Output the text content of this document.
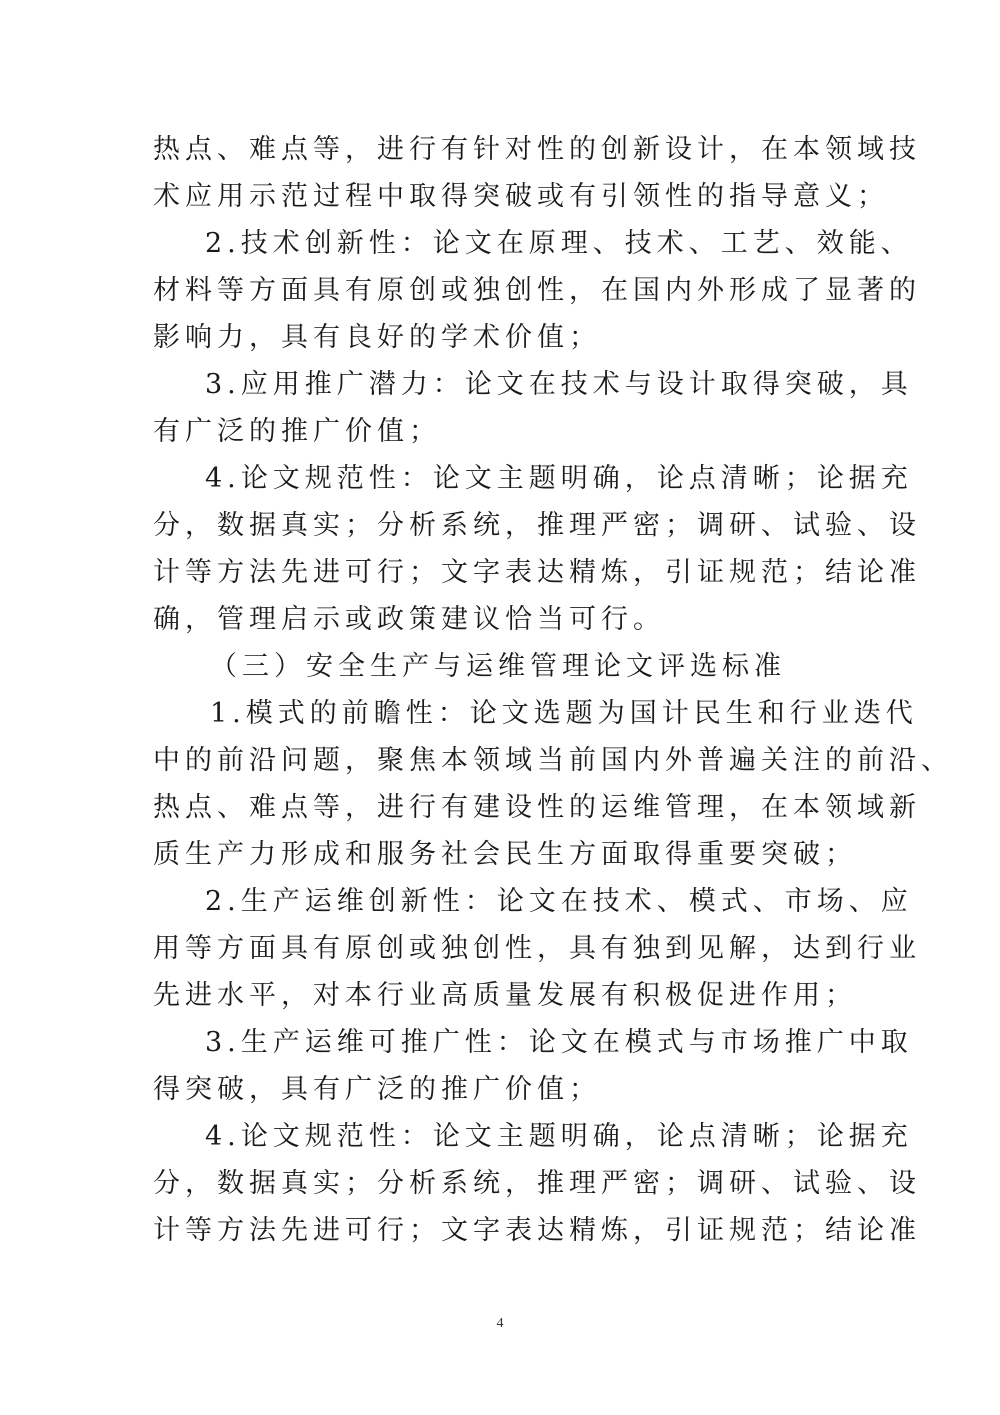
热点、难点等，进行有针对性的创新设计，在本领域技
术应用示范过程中取得突破或有引领性的指导意义；
2.技术创新性：论文在原理、技术、工艺、效能、
材料等方面具有原创或独创性，在国内外形成了显著的
影响力，具有良好的学术价值；
3.应用推广潜力：论文在技术与设计取得突破，具
有广泛的推广价值；
4.论文规范性：论文主题明确，论点清晰；论据充
分，数据真实；分析系统，推理严密；调研、试验、设
计等方法先进可行；文字表达精炼，引证规范；结论准
确，管理启示或政策建议恰当可行。
（三）安全生产与运维管理论文评选标准
1.模式的前瞻性：论文选题为国计民生和行业迭代
中的前沿问题，聚焦本领域当前国内外普遍关注的前沿、
热点、难点等，进行有建设性的运维管理，在本领域新
质生产力形成和服务社会民生方面取得重要突破；
2.生产运维创新性：论文在技术、模式、市场、应
用等方面具有原创或独创性，具有独到见解，达到行业
先进水平，对本行业高质量发展有积极促进作用；
3.生产运维可推广性：论文在模式与市场推广中取
得突破，具有广泛的推广价值；
4.论文规范性：论文主题明确，论点清晰；论据充
分，数据真实；分析系统，推理严密；调研、试验、设
计等方法先进可行；文字表达精炼，引证规范；结论准
4
